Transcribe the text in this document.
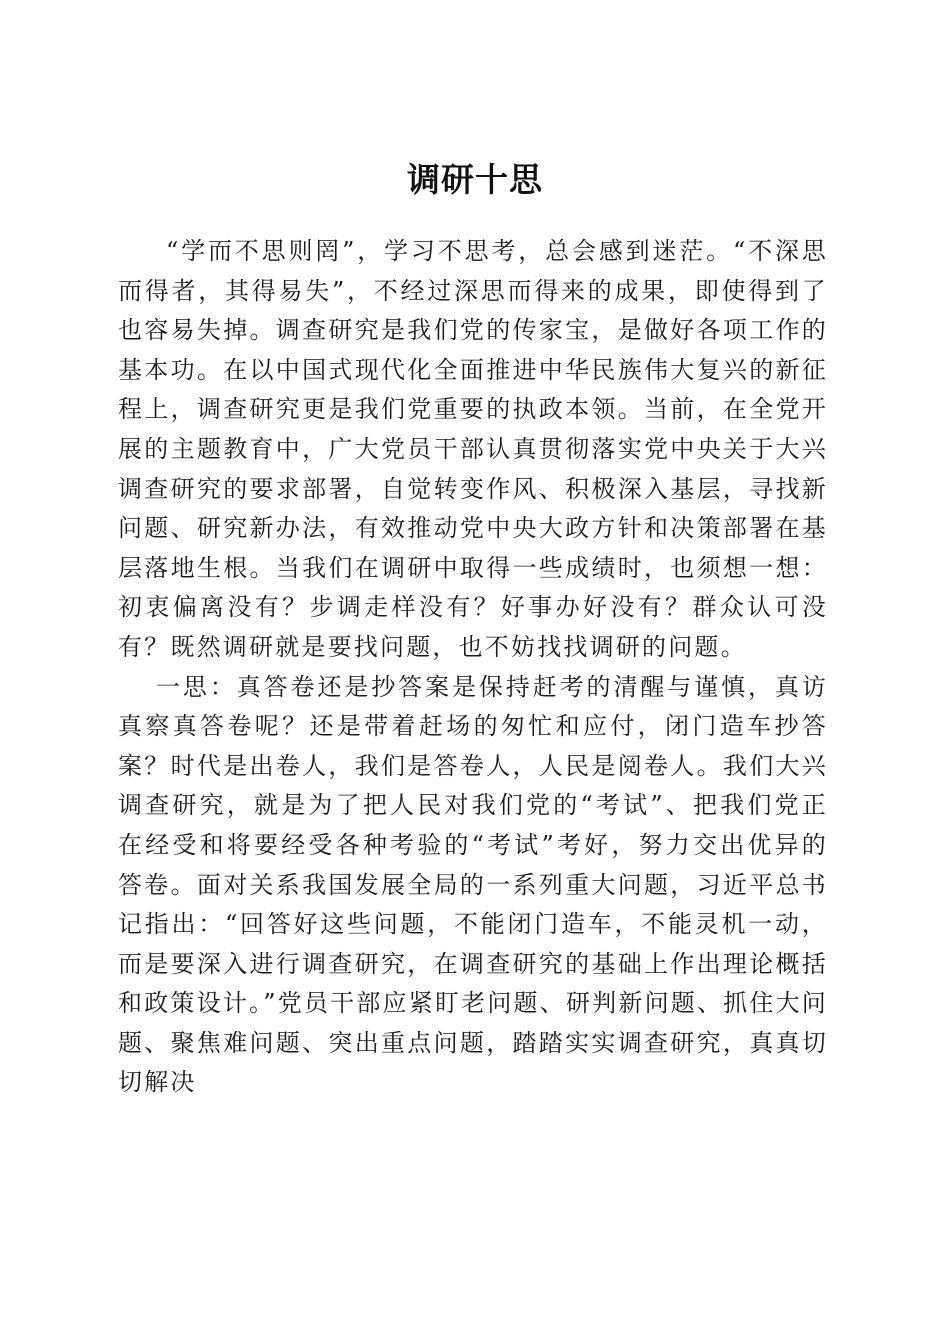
调研十思

“学而不思则罔”，学习不思考，总会感到迷茫。“不深思而得者，其得易失”，不经过深思而得来的成果，即使得到了也容易失掉。调查研究是我们党的传家宝，是做好各项工作的基本功。在以中国式现代化全面推进中华民族伟大复兴的新征程上，调查研究更是我们党重要的执政本领。当前，在全党开展的主题教育中，广大党员干部认真贯彻落实党中央关于大兴调查研究的要求部署，自觉转变作风、积极深入基层，寻找新问题、研究新办法，有效推动党中央大政方针和决策部署在基层落地生根。当我们在调研中取得一些成绩时，也须想一想：初衷偏离没有？步调走样没有？好事办好没有？群众认可没有？既然调研就是要找问题，也不妨找找调研的问题。

一思：真答卷还是抄答案是保持赶考的清醒与谨慎，真访真察真答卷呢？还是带着赶场的匆忙和应付，闭门造车抄答案？时代是出卷人，我们是答卷人，人民是阅卷人。我们大兴调查研究，就是为了把人民对我们党的“考试”、把我们党正在经受和将要经受各种考验的“考试”考好，努力交出优异的答卷。面对关系我国发展全局的一系列重大问题，习近平总书记指出：“回答好这些问题，不能闭门造车，不能灵机一动，而是要深入进行调查研究，在调查研究的基础上作出理论概括和政策设计。”党员干部应紧盯老问题、研判新问题、抓住大问题、聚焦难问题、突出重点问题，踏踏实实调查研究，真真切切解决
